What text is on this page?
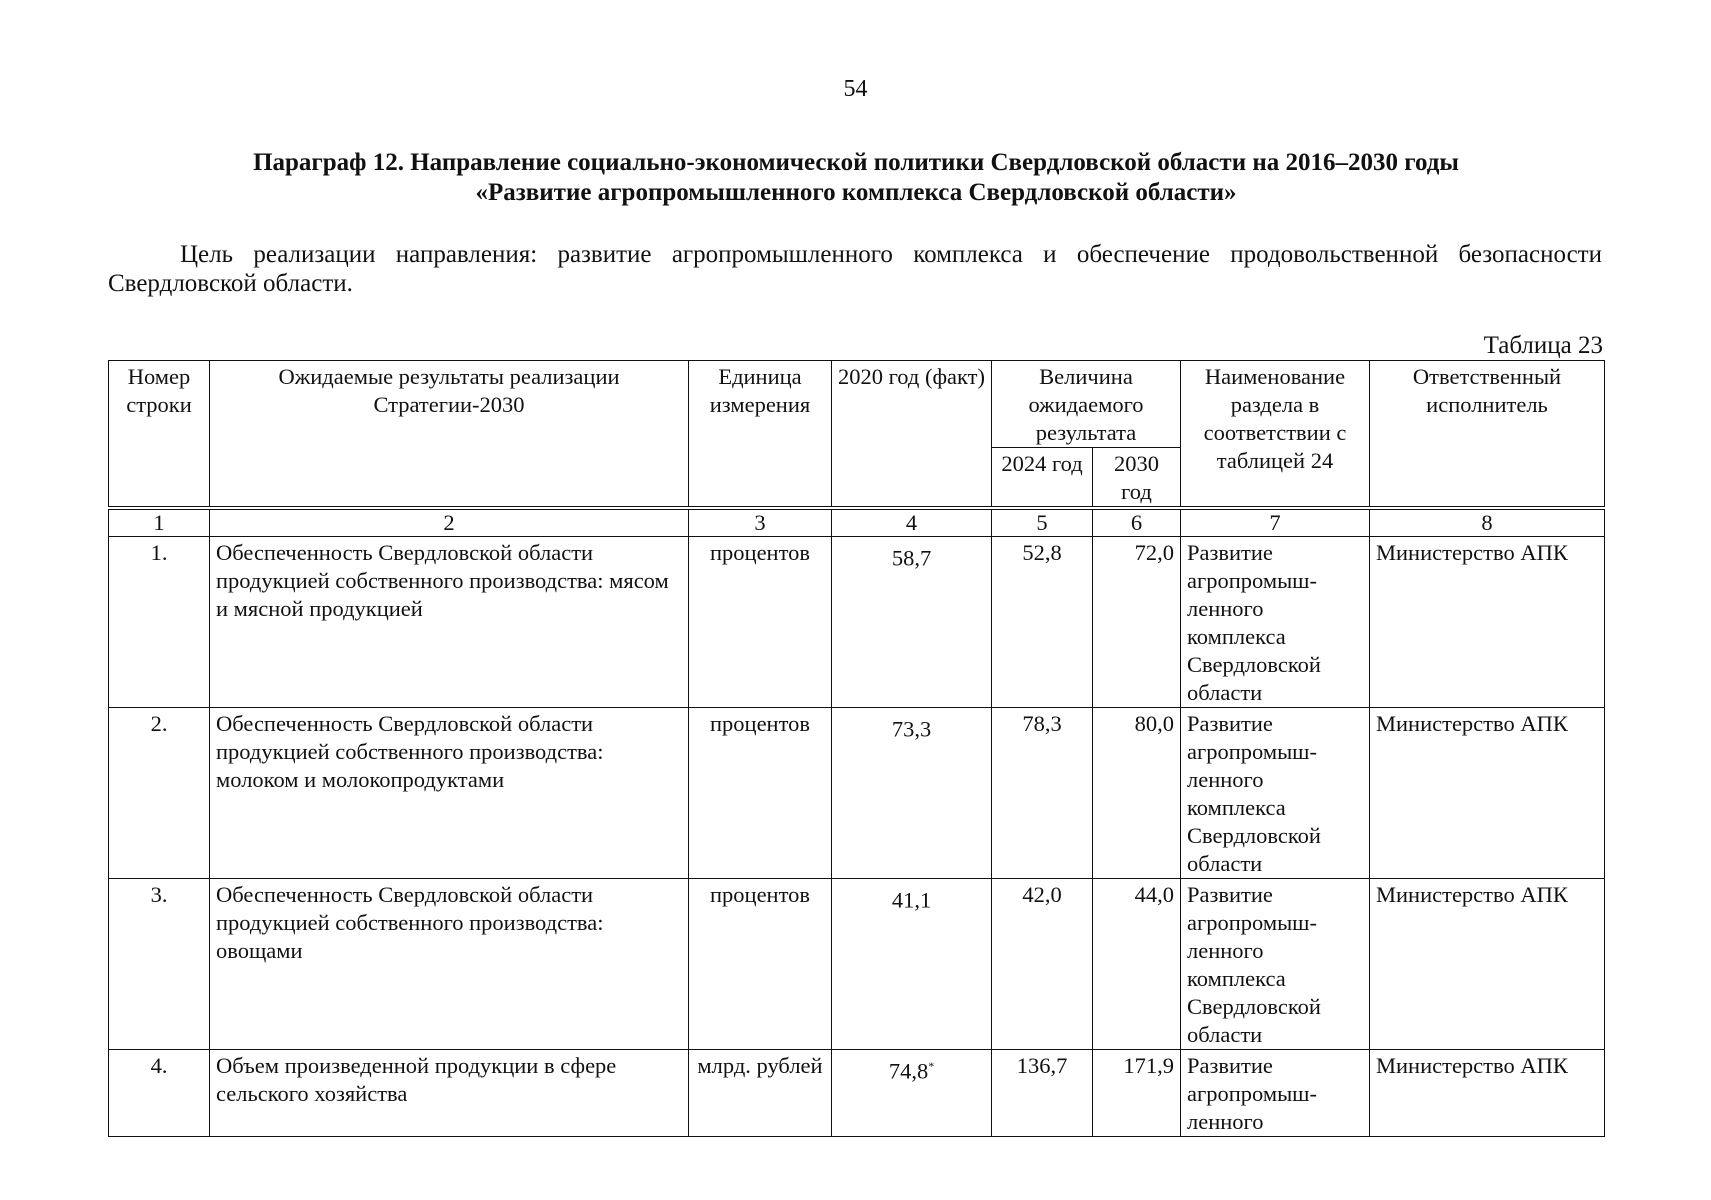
54
Параграф 12. Направление социально-экономической политики Свердловской области на 2016–2030 годы
«Развитие агропромышленного комплекса Свердловской области»
Цель реализации направления: развитие агропромышленного комплекса и обеспечение продовольственной безопасности Свердловской области.
Таблица 23
Номер строки	Ожидаемые результаты реализации Стратегии-2030	Единица измерения	2020 год (факт)	Величина ожидаемого результата		Наименование раздела в соответствии с таблицей 24	Ответственный исполнитель
				2024 год	2030 год		
1	2	3	4	5	6	7	8
1.	Обеспеченность Свердловской области продукцией собственного производства: мясом и мясной продукцией	процентов	58,7	52,8	72,0	Развитие агропромыш-ленного комплекса Свердловской области	Министерство АПК
2.	Обеспеченность Свердловской области продукцией собственного производства: молоком и молокопродуктами	процентов	73,3	78,3	80,0	Развитие агропромыш-ленного комплекса Свердловской области	Министерство АПК
3.	Обеспеченность Свердловской области продукцией собственного производства: овощами	процентов	41,1	42,0	44,0	Развитие агропромыш-ленного комплекса Свердловской области	Министерство АПК
4.	Объем произведенной продукции в сфере сельского хозяйства	млрд. рублей	74,8*	136,7	171,9	Развитие агропромыш-ленного	Министерство АПК
